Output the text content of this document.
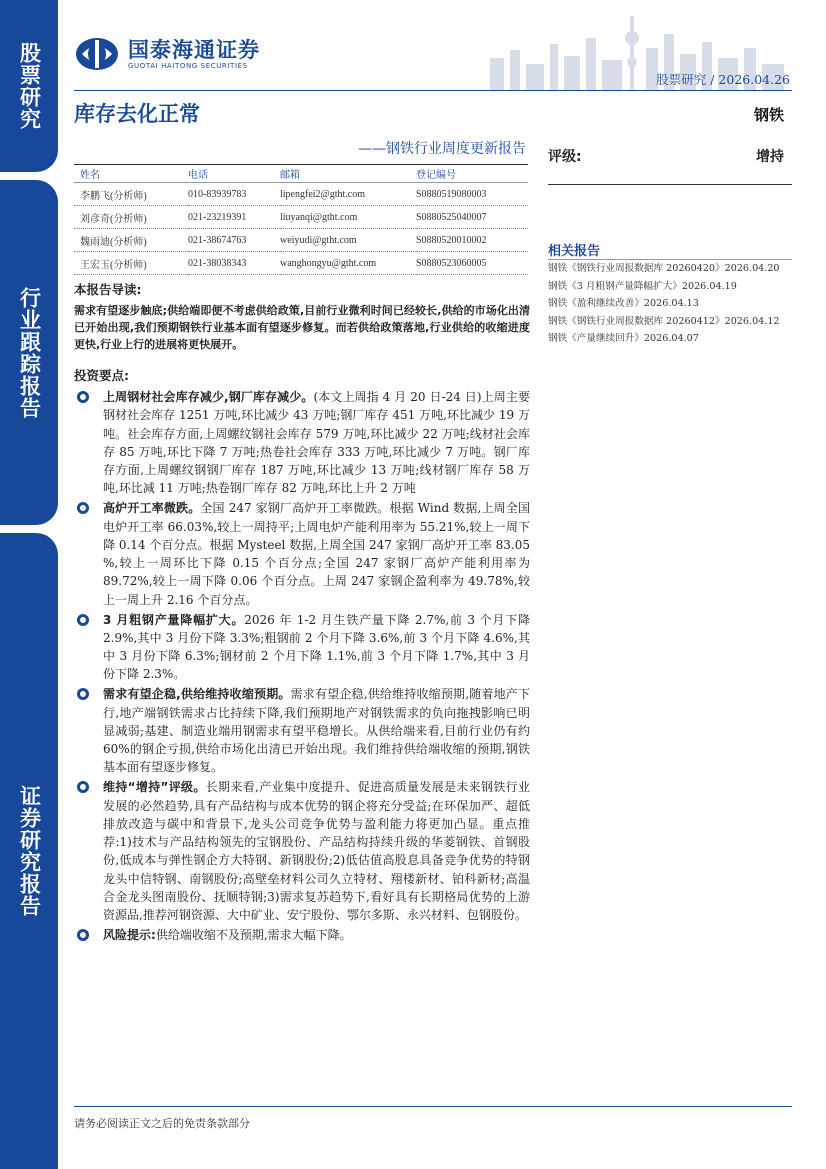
股票研究
行业跟踪报告
证券研究报告
国泰海通证券
GUOTAI HAITONG SECURITIES
股票研究 / 2026.04.26
库存去化正常	钢铁
——钢铁行业周度更新报告 评级:	增持
姓名	电话	邮箱	登记编号
李鹏飞(分析师)	010-83939783	lipengfei2@gtht.com	S0880519080003
刘彦奇(分析师)	021-23219391	liuyanqi@gtht.com	S0880525040007
魏雨迪(分析师)	021-38674763	weiyudi@gtht.com	S0880520010002
王宏玉(分析师)	021-38038343	wanghongyu@gtht.com	S0880523060005
相关报告
钢铁《钢铁行业周报数据库 20260420》2026.04.20
钢铁《3 月粗钢产量降幅扩大》2026.04.19
钢铁《盈利继续改善》2026.04.13
钢铁《钢铁行业周报数据库 20260412》2026.04.12
钢铁《产量继续回升》2026.04.07
本报告导读:
需求有望逐步触底;供给端即便不考虑供给政策,目前行业微利时间已经较长,供给的市场化出清已开始出现,我们预期钢铁行业基本面有望逐步修复。而若供给政策落地,行业供给的收缩进度更快,行业上行的进展将更快展开。
投资要点:
上周钢材社会库存减少,钢厂库存减少。(本文上周指 4 月 20 日-24 日)上周主要钢材社会库存 1251 万吨,环比减少 43 万吨;钢厂库存 451 万吨,环比减少 19 万吨。社会库存方面,上周螺纹钢社会库存 579 万吨,环比减少 22 万吨;线材社会库存 85 万吨,环比下降 7 万吨;热卷社会库存 333 万吨,环比减少 7 万吨。钢厂库存方面,上周螺纹钢钢厂库存 187 万吨,环比减少 13 万吨;线材钢厂库存 58 万吨,环比减 11 万吨;热卷钢厂库存 82 万吨,环比上升 2 万吨
高炉开工率微跌。全国 247 家钢厂高炉开工率微跌。根据 Wind 数据,上周全国电炉开工率 66.03%,较上一周持平;上周电炉产能利用率为 55.21%,较上一周下降 0.14 个百分点。根据 Mysteel 数据,上周全国 247 家钢厂高炉开工率 83.05 %,较上一周环比下降 0.15 个百分点;全国 247 家钢厂高炉产能利用率为 89.72%,较上一周下降 0.06 个百分点。上周 247 家钢企盈利率为 49.78%,较上一周上升 2.16 个百分点。
3 月粗钢产量降幅扩大。2026 年 1-2 月生铁产量下降 2.7%,前 3 个月下降 2.9%,其中 3 月份下降 3.3%;粗钢前 2 个月下降 3.6%,前 3 个月下降 4.6%,其中 3 月份下降 6.3%;钢材前 2 个月下降 1.1%,前 3 个月下降 1.7%,其中 3 月份下降 2.3%。
需求有望企稳,供给维持收缩预期。需求有望企稳,供给维持收缩预期,随着地产下行,地产端钢铁需求占比持续下降,我们预期地产对钢铁需求的负向拖拽影响已明显减弱;基建、制造业端用钢需求有望平稳增长。从供给端来看,目前行业仍有约 60%的钢企亏损,供给市场化出清已开始出现。我们维持供给端收缩的预期,钢铁基本面有望逐步修复。
维持“增持”评级。长期来看,产业集中度提升、促进高质量发展是未来钢铁行业发展的必然趋势,具有产品结构与成本优势的钢企将充分受益;在环保加严、超低排放改造与碳中和背景下,龙头公司竞争优势与盈利能力将更加凸显。重点推荐:1)技术与产品结构领先的宝钢股份、产品结构持续升级的华菱钢铁、首钢股份,低成本与弹性钢企方大特钢、新钢股份;2)低估值高股息具备竞争优势的特钢龙头中信特钢、南钢股份;高壁垒材料公司久立特材、翔楼新材、铂科新材;高温合金龙头图南股份、抚顺特钢;3)需求复苏趋势下,看好具有长期格局优势的上游资源品,推荐河钢资源、大中矿业、安宁股份、鄂尔多斯、永兴材料、包钢股份。
风险提示:供给端收缩不及预期,需求大幅下降。
请务必阅读正文之后的免责条款部分
